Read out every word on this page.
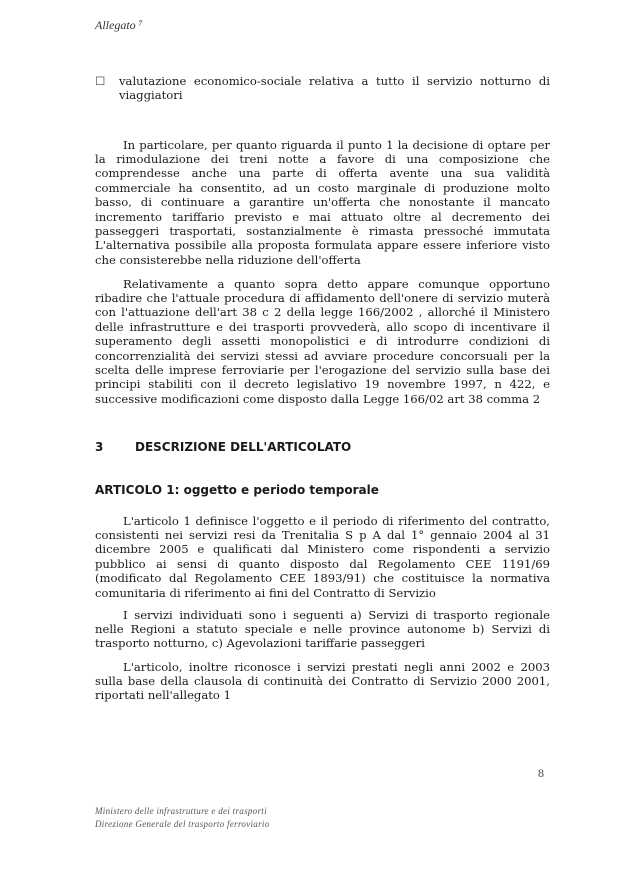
Allegato ⁷
☐	valutazione economico-sociale relativa a tutto il servizio notturno di viaggiatori

In particolare, per quanto riguarda il punto 1 la decisione di optare per la rimodulazione dei treni notte a favore di una composizione che comprendesse anche una parte di offerta avente una sua validità commerciale ha consentito, ad un costo marginale di produzione molto basso, di continuare a garantire un'offerta che nonostante il mancato incremento tariffario previsto e mai attuato oltre al decremento dei passeggeri trasportati, sostanzialmente è rimasta pressoché immutata L'alternativa possibile alla proposta formulata appare essere inferiore visto che consisterebbe nella riduzione dell'offerta

Relativamente a quanto sopra detto appare comunque opportuno ribadire che l'attuale procedura di affidamento dell'onere di servizio muterà con l'attuazione dell'art 38 c 2 della legge 166/2002 , allorché il Ministero delle infrastrutture e dei trasporti provvederà, allo scopo di incentivare il superamento degli assetti monopolistici e di introdurre condizioni di concorrenzialità dei servizi stessi ad avviare procedure concorsuali per la scelta delle imprese ferroviarie per l'erogazione del servizio sulla base dei principi stabiliti con il decreto legislativo 19 novembre 1997, n 422, e successive modificazioni come disposto dalla Legge 166/02 art 38 comma 2

3	DESCRIZIONE DELL'ARTICOLATO
ARTICOLO 1: oggetto e periodo temporale

L'articolo 1 definisce l'oggetto e il periodo di riferimento del contratto, consistenti nei servizi resi da Trenitalia S p A dal 1° gennaio 2004 al 31 dicembre 2005 e qualificati dal Ministero come rispondenti a servizio pubblico ai sensi di quanto disposto dal Regolamento CEE 1191/69 (modificato dal Regolamento CEE 1893/91) che costituisce la normativa comunitaria di riferimento ai fini del Contratto di Servizio

I servizi individuati sono i seguenti a) Servizi di trasporto regionale nelle Regioni a statuto speciale e nelle province autonome b) Servizi di trasporto notturno, c) Agevolazioni tariffarie passeggeri

L'articolo, inoltre riconosce i servizi prestati negli anni 2002 e 2003 sulla base della clausola di continuità dei Contratto di Servizio 2000 2001, riportati nell'allegato 1

8
Ministero delle infrastrutture e dei trasporti
Direzione Generale del trasporto ferroviario
